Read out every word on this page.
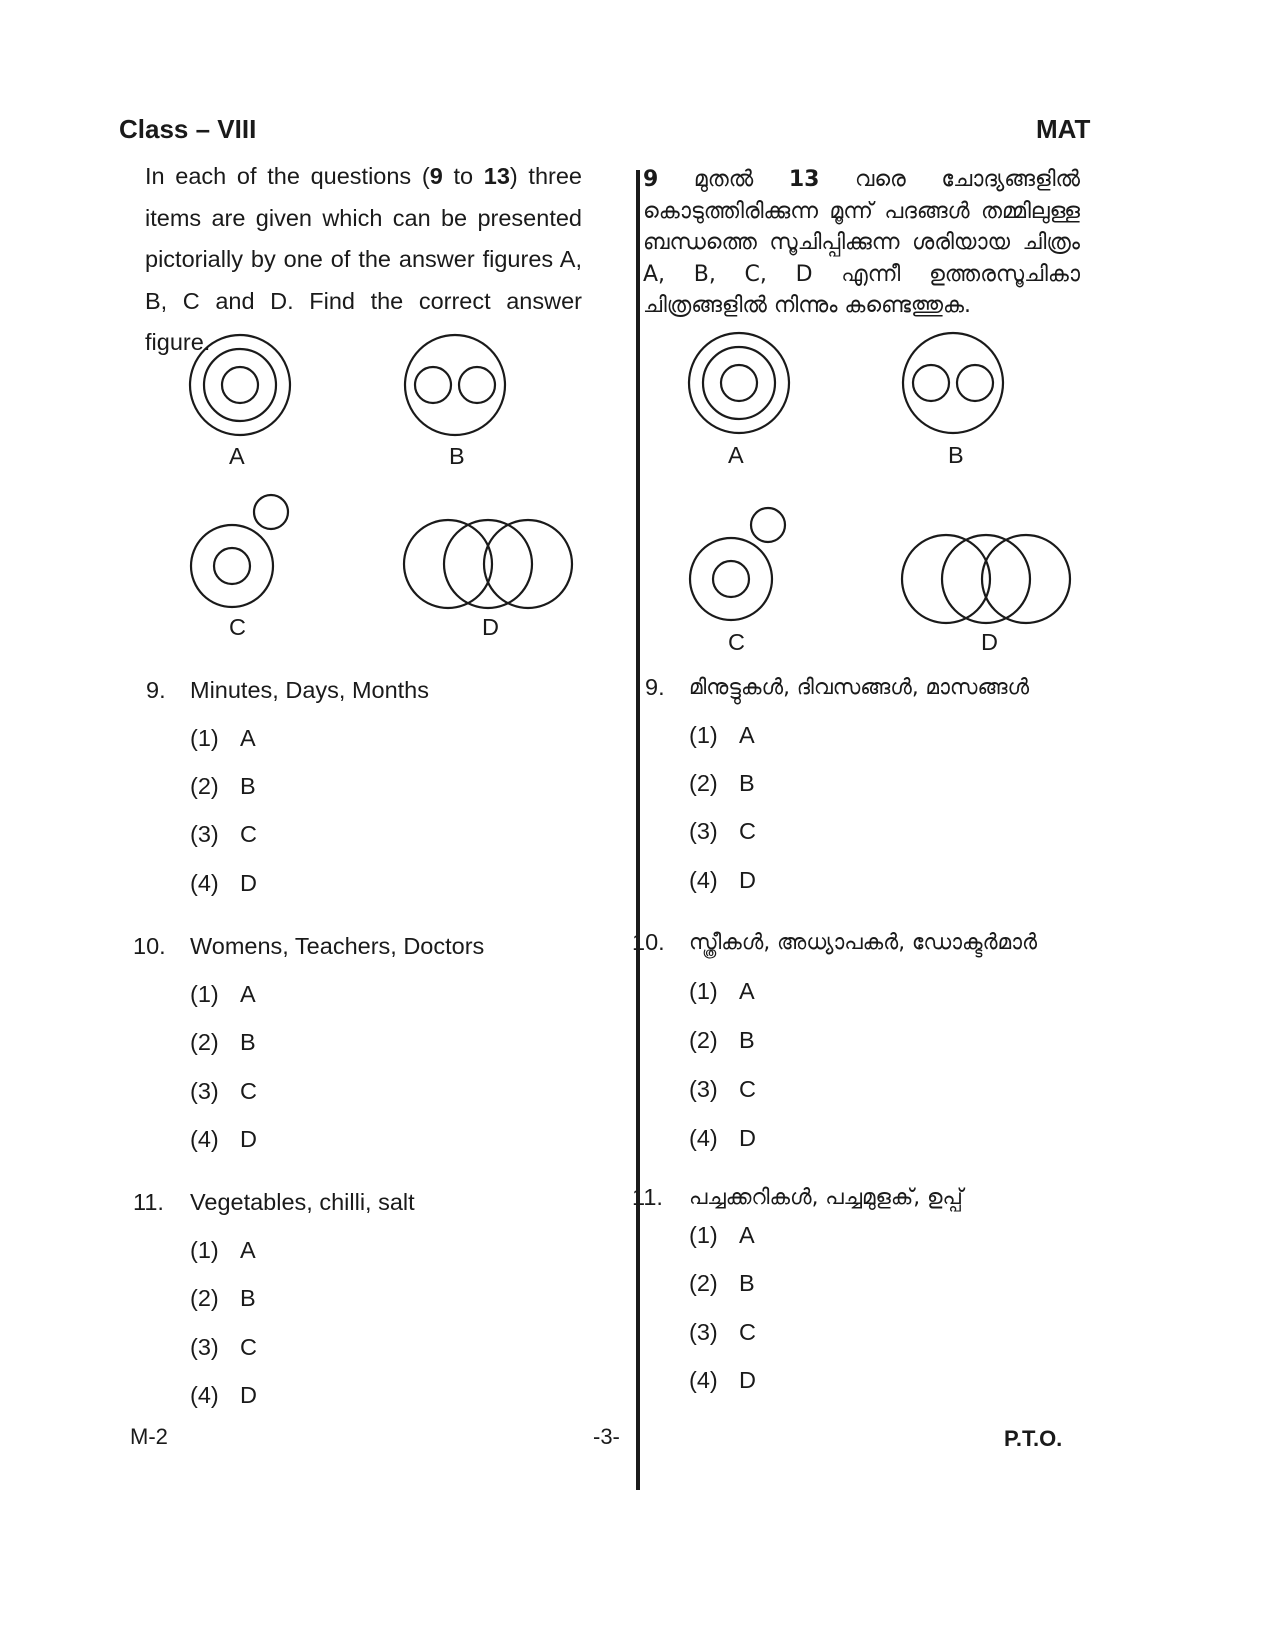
Class – VIII	MAT
In each of the questions (9 to 13) three items are given which can be presented pictorially by one of the answer figures A, B, C and D. Find the correct answer figure.
9 മുതൽ 13 വരെ ചോദ്യങ്ങളിൽ കൊടുത്തിരിക്കുന്ന മൂന്ന് പദങ്ങൾ തമ്മിലുള്ള ബന്ധത്തെ സൂചിപ്പിക്കുന്ന ശരിയായ ചിത്രം A, B, C, D എന്നീ ഉത്തരസൂചികാ ചിത്രങ്ങളിൽ നിന്നും കണ്ടെത്തുക.
A	B
C	D
A	B
C	D
9. Minutes, Days, Months
(1) A
(2) B
(3) C
(4) D
10. Womens, Teachers, Doctors
(1) A
(2) B
(3) C
(4) D
11. Vegetables, chilli, salt
(1) A
(2) B
(3) C
(4) D
9. മിനുട്ടുകൾ, ദിവസങ്ങൾ, മാസങ്ങൾ
(1) A
(2) B
(3) C
(4) D
10. സ്ത്രീകൾ, അധ്യാപകർ, ഡോക്ടർമാർ
(1) A
(2) B
(3) C
(4) D
11. പച്ചക്കറികൾ, പച്ചമുളക്, ഉപ്പ്
(1) A
(2) B
(3) C
(4) D
M-2	-3-	P.T.O.
